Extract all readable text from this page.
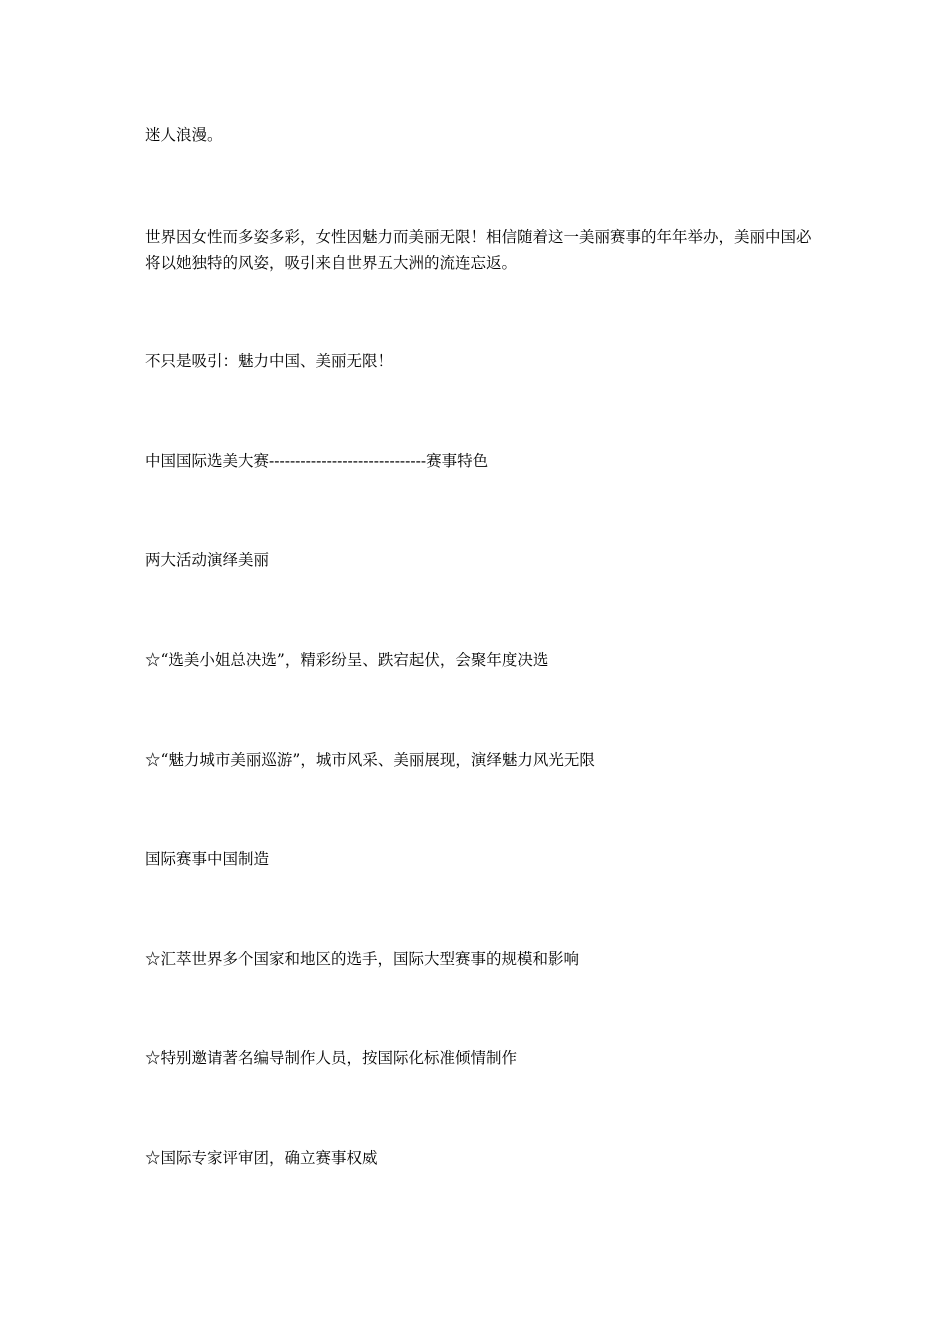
迷人浪漫。

世界因女性而多姿多彩，女性因魅力而美丽无限！相信随着这一美丽赛事的年年举办，美丽中国必将以她独特的风姿，吸引来自世界五大洲的流连忘返。

不只是吸引：魅力中国、美丽无限！

中国国际选美大赛------------------------------赛事特色

两大活动演绎美丽

☆“选美小姐总决选”，精彩纷呈、跌宕起伏，会聚年度决选

☆“魅力城市美丽巡游”，城市风采、美丽展现，演绎魅力风光无限

国际赛事中国制造

☆汇萃世界多个国家和地区的选手，国际大型赛事的规模和影响

☆特别邀请著名编导制作人员，按国际化标准倾情制作

☆国际专家评审团，确立赛事权威
